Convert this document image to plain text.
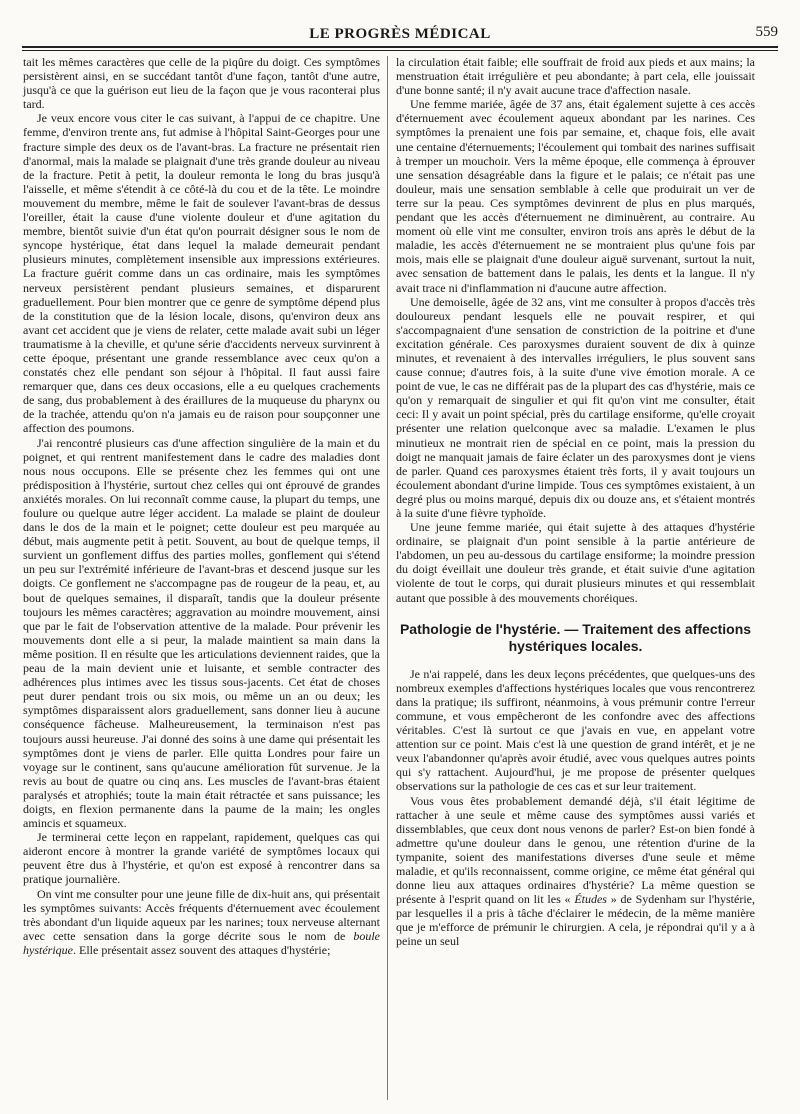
LE PROGRÈS MÉDICAL	559

tait les mêmes caractères que celle de la piqûre du doigt. Ces symptômes persistèrent ainsi, en se succédant tantôt d'une façon, tantôt d'une autre, jusqu'à ce que la guérison eut lieu de la façon que je vous raconterai plus tard.

Je veux encore vous citer le cas suivant, à l'appui de ce chapitre. Une femme, d'environ trente ans, fut admise à l'hôpital Saint-Georges pour une fracture simple des deux os de l'avant-bras. La fracture ne présentait rien d'anormal, mais la malade se plaignait d'une très grande douleur au niveau de la fracture. Petit à petit, la douleur remonta le long du bras jusqu'à l'aisselle, et même s'étendit à ce côté-là du cou et de la tête. Le moindre mouvement du membre, même le fait de soulever l'avant-bras de dessus l'oreiller, était la cause d'une violente douleur et d'une agitation du membre, bientôt suivie d'un état qu'on pourrait désigner sous le nom de syncope hystérique, état dans lequel la malade demeurait pendant plusieurs minutes, complètement insensible aux impressions extérieures. La fracture guérit comme dans un cas ordinaire, mais les symptômes nerveux persistèrent pendant plusieurs semaines, et disparurent graduellement. Pour bien montrer que ce genre de symptôme dépend plus de la constitution que de la lésion locale, disons, qu'environ deux ans avant cet accident que je viens de relater, cette malade avait subi un léger traumatisme à la cheville, et qu'une série d'accidents nerveux survinrent à cette époque, présentant une grande ressemblance avec ceux qu'on a constatés chez elle pendant son séjour à l'hôpital. Il faut aussi faire remarquer que, dans ces deux occasions, elle a eu quelques crachements de sang, dus probablement à des éraillures de la muqueuse du pharynx ou de la trachée, attendu qu'on n'a jamais eu de raison pour soupçonner une affection des poumons.

J'ai rencontré plusieurs cas d'une affection singulière de la main et du poignet, et qui rentrent manifestement dans le cadre des maladies dont nous nous occupons. Elle se présente chez les femmes qui ont une prédisposition à l'hystérie, surtout chez celles qui ont éprouvé de grandes anxiétés morales. On lui reconnaît comme cause, la plupart du temps, une foulure ou quelque autre léger accident. La malade se plaint de douleur dans le dos de la main et le poignet; cette douleur est peu marquée au début, mais augmente petit à petit. Souvent, au bout de quelque temps, il survient un gonflement diffus des parties molles, gonflement qui s'étend un peu sur l'extrémité inférieure de l'avant-bras et descend jusque sur les doigts. Ce gonflement ne s'accompagne pas de rougeur de la peau, et, au bout de quelques semaines, il disparaît, tandis que la douleur présente toujours les mêmes caractères; aggravation au moindre mouvement, ainsi que par le fait de l'observation attentive de la malade. Pour prévenir les mouvements dont elle a si peur, la malade maintient sa main dans la même position. Il en résulte que les articulations deviennent raides, que la peau de la main devient unie et luisante, et semble contracter des adhérences plus intimes avec les tissus sous-jacents. Cet état de choses peut durer pendant trois ou six mois, ou même un an ou deux; les symptômes disparaissent alors graduellement, sans donner lieu à aucune conséquence fâcheuse. Malheureusement, la terminaison n'est pas toujours aussi heureuse. J'ai donné des soins à une dame qui présentait les symptômes dont je viens de parler. Elle quitta Londres pour faire un voyage sur le continent, sans qu'aucune amélioration fût survenue. Je la revis au bout de quatre ou cinq ans. Les muscles de l'avant-bras étaient paralysés et atrophiés; toute la main était rétractée et sans puissance; les doigts, en flexion permanente dans la paume de la main; les ongles amincis et squameux.

Je terminerai cette leçon en rappelant, rapidement, quelques cas qui aideront encore à montrer la grande variété de symptômes locaux qui peuvent être dus à l'hystérie, et qu'on est exposé à rencontrer dans sa pratique journalière.

On vint me consulter pour une jeune fille de dix-huit ans, qui présentait les symptômes suivants: Accès fréquents d'éternuement avec écoulement très abondant d'un liquide aqueux par les narines; toux nerveuse alternant avec cette sensation dans la gorge décrite sous le nom de boule hystérique. Elle présentait assez souvent des attaques d'hystérie;

la circulation était faible; elle souffrait de froid aux pieds et aux mains; la menstruation était irrégulière et peu abondante; à part cela, elle jouissait d'une bonne santé; il n'y avait aucune trace d'affection nasale.

Une femme mariée, âgée de 37 ans, était également sujette à ces accès d'éternuement avec écoulement aqueux abondant par les narines. Ces symptômes la prenaient une fois par semaine, et, chaque fois, elle avait une centaine d'éternuements; l'écoulement qui tombait des narines suffisait à tremper un mouchoir. Vers la même époque, elle commença à éprouver une sensation désagréable dans la figure et le palais; ce n'était pas une douleur, mais une sensation semblable à celle que produirait un ver de terre sur la peau. Ces symptômes devinrent de plus en plus marqués, pendant que les accès d'éternuement ne diminuèrent, au contraire. Au moment où elle vint me consulter, environ trois ans après le début de la maladie, les accès d'éternuement ne se montraient plus qu'une fois par mois, mais elle se plaignait d'une douleur aiguë survenant, surtout la nuit, avec sensation de battement dans le palais, les dents et la langue. Il n'y avait trace ni d'inflammation ni d'aucune autre affection.

Une demoiselle, âgée de 32 ans, vint me consulter à propos d'accès très douloureux pendant lesquels elle ne pouvait respirer, et qui s'accompagnaient d'une sensation de constriction de la poitrine et d'une excitation générale. Ces paroxysmes duraient souvent de dix à quinze minutes, et revenaient à des intervalles irréguliers, le plus souvent sans cause connue; d'autres fois, à la suite d'une vive émotion morale. A ce point de vue, le cas ne différait pas de la plupart des cas d'hystérie, mais ce qu'on y remarquait de singulier et qui fit qu'on vint me consulter, était ceci: Il y avait un point spécial, près du cartilage ensiforme, qu'elle croyait présenter une relation quelconque avec sa maladie. L'examen le plus minutieux ne montrait rien de spécial en ce point, mais la pression du doigt ne manquait jamais de faire éclater un des paroxysmes dont je viens de parler. Quand ces paroxysmes étaient très forts, il y avait toujours un écoulement abondant d'urine limpide. Tous ces symptômes existaient, à un degré plus ou moins marqué, depuis dix ou douze ans, et s'étaient montrés à la suite d'une fièvre typhoïde.

Une jeune femme mariée, qui était sujette à des attaques d'hystérie ordinaire, se plaignait d'un point sensible à la partie antérieure de l'abdomen, un peu au-dessous du cartilage ensiforme; la moindre pression du doigt éveillait une douleur très grande, et était suivie d'une agitation violente de tout le corps, qui durait plusieurs minutes et qui ressemblait autant que possible à des mouvements choréiques.

Pathologie de l'hystérie. — Traitement des affections hystériques locales.

Je n'ai rappelé, dans les deux leçons précédentes, que quelques-uns des nombreux exemples d'affections hystériques locales que vous rencontrerez dans la pratique; ils suffiront, néanmoins, à vous prémunir contre l'erreur commune, et vous empêcheront de les confondre avec des affections véritables. C'est là surtout ce que j'avais en vue, en appelant votre attention sur ce point. Mais c'est là une question de grand intérêt, et je ne veux l'abandonner qu'après avoir étudié, avec vous quelques autres points qui s'y rattachent. Aujourd'hui, je me propose de présenter quelques observations sur la pathologie de ces cas et sur leur traitement.

Vous vous êtes probablement demandé déjà, s'il était légitime de rattacher à une seule et même cause des symptômes aussi variés et dissemblables, que ceux dont nous venons de parler? Est-on bien fondé à admettre qu'une douleur dans le genou, une rétention d'urine de la tympanite, soient des manifestations diverses d'une seule et même maladie, et qu'ils reconnaissent, comme origine, ce même état général qui donne lieu aux attaques ordinaires d'hystérie? La même question se présente à l'esprit quand on lit les « Études » de Sydenham sur l'hystérie, par lesquelles il a pris à tâche d'éclairer le médecin, de la même manière que je m'efforce de prémunir le chirurgien. A cela, je répondrai qu'il y a à peine un seul
